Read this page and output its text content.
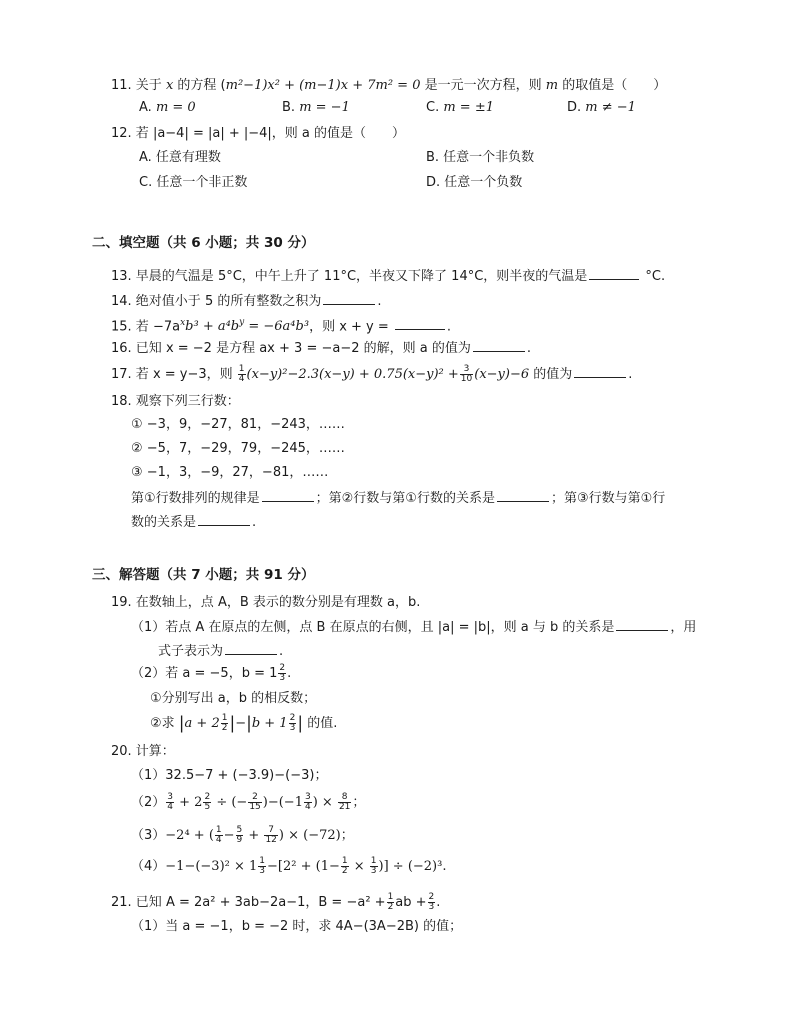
11. 关于 x 的方程 (m²−1)x² + (m−1)x + 7m² = 0 是一元一次方程，则 m 的取值是（　　）
A. m = 0	B. m = −1	C. m = ±1	D. m ≠ −1
12. 若 |a−4| = |a| + |−4|，则 a 的值是（　　）
A. 任意有理数	B. 任意一个非负数
C. 任意一个非正数	D. 任意一个负数
二、填空题（共 6 小题；共 30 分）
13. 早晨的气温是 5°C，中午上升了 11°C，半夜又下降了 14°C，则半夜的气温是	°C.
14. 绝对值小于 5 的所有整数之积为	.
15. 若 $-7a^xb^3 + a^4b^y = -6a^4b^3$，则 x + y =	.
16. 已知 x = −2 是方程 ax + 3 = −a−2 的解，则 a 的值为	.
17. 若 x = y−3，则 $\frac{1}{4} (x-y)^2-2.3(x-y) + 0.75(x-y)^2 + \frac{3}{10} (x-y)-6$ 的值为	.
18. 观察下列三行数：
① −3，9，−27，81，−243，……
② −5，7，−29，79，−245，……
③ −1，3，−9，27，−81，……
第①行数排列的规律是	；第②行数与第①行数的关系是	；第③行数与第①行
数的关系是	.
三、解答题（共 7 小题；共 91 分）
19. 在数轴上，点 A，B 表示的数分别是有理数 a，b.
（1）若点 A 在原点的左侧，点 B 在原点的右侧，且 |a| = |b|，则 a 与 b 的关系是	，用
式子表示为	.
（2）若 a = −5，$b = 1 \frac{2}{3}$ .
①分别写出 a，b 的相反数；
②求 $|a + 2 \frac{1}{2} |-|b + 1 \frac{2}{3}$ | 的值.
20. 计算：
（1）32.5−7 + (−3.9)−(−3)；
$(2) \frac{3}{4} + 2 \frac{2}{5}$ ÷ (− $\frac{2}{15} )-(-1 \frac{3}{4}$ ) × $\frac{8}{21}$ ；
（3）−2⁴ + ( $\frac{1}{4} - \frac{5}{9} + \frac{7}{12}$ ) × (−72)；
$(4)-1-(-3)^2 \times 1 \frac{1}{3} -[2^2 + (1- \frac{1}{2} \times \frac{1}{3}$ )] ÷ (−2)³.
21. 已知 A = 2a² + 3ab−2a−1，$B = -a^2 + \frac{1}{2}$ ab + $\frac{2}{3}$ .
（1）当 a = −1，b = −2 时，求 4A−(3A−2B) 的值；
